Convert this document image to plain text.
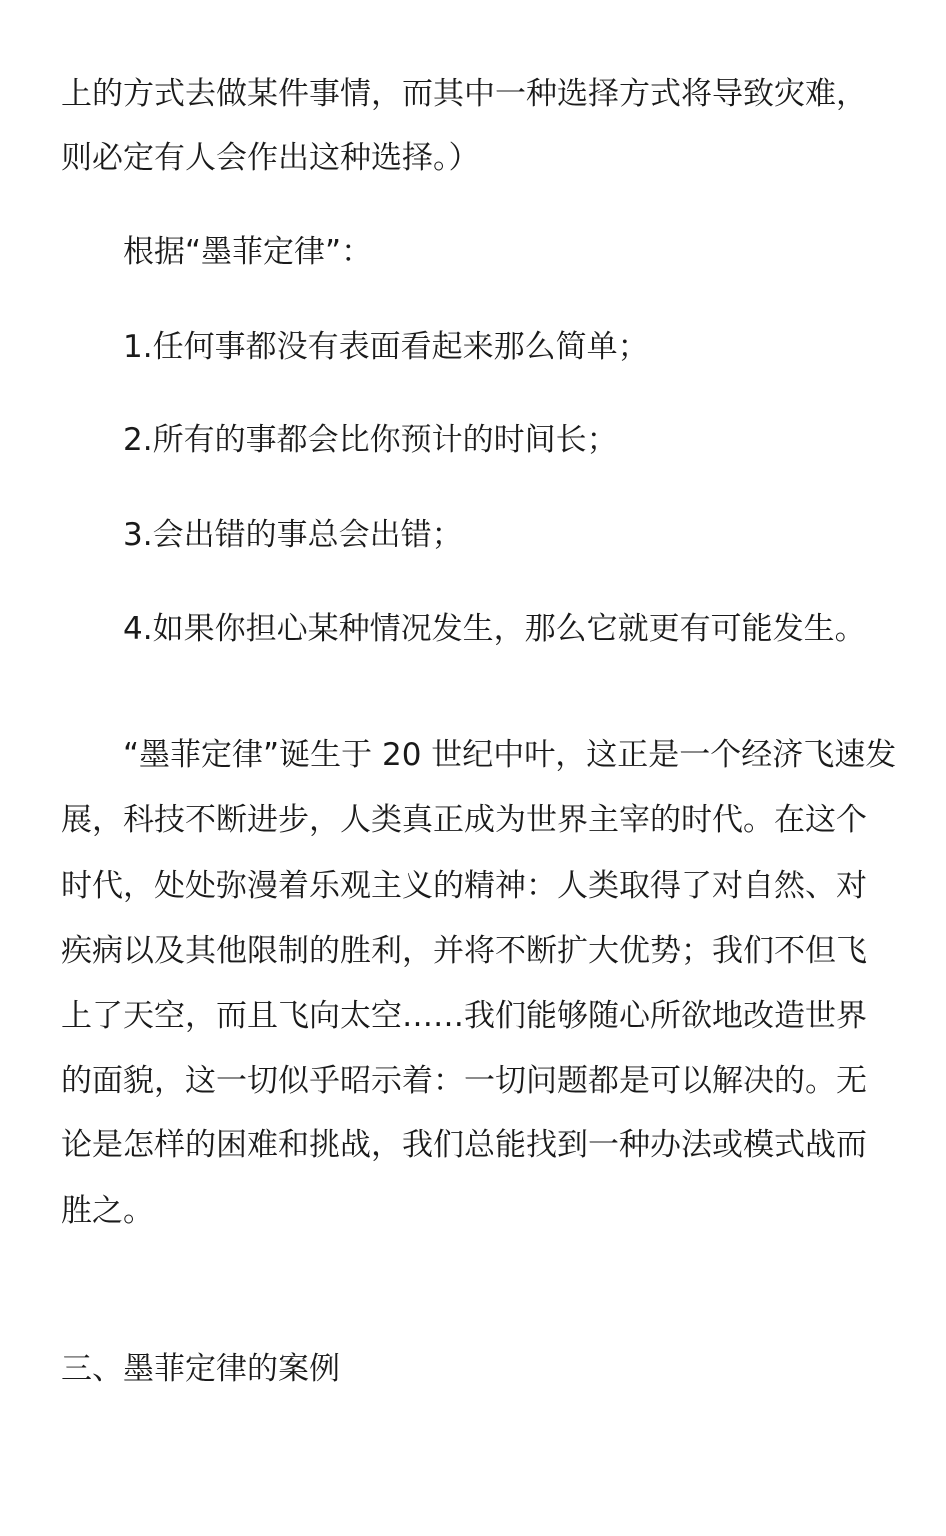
上的方式去做某件事情，而其中一种选择方式将导致灾难，

则必定有人会作出这种选择。）

根据“墨菲定律”：

1.任何事都没有表面看起来那么简单；

2.所有的事都会比你预计的时间长；

3.会出错的事总会出错；

4.如果你担心某种情况发生，那么它就更有可能发生。

“墨菲定律”诞生于 20 世纪中叶，这正是一个经济飞速发

展，科技不断进步，人类真正成为世界主宰的时代。在这个

时代，处处弥漫着乐观主义的精神：人类取得了对自然、对

疾病以及其他限制的胜利，并将不断扩大优势；我们不但飞

上了天空，而且飞向太空……我们能够随心所欲地改造世界

的面貌，这一切似乎昭示着：一切问题都是可以解决的。无

论是怎样的困难和挑战，我们总能找到一种办法或模式战而

胜之。

三、墨菲定律的案例
